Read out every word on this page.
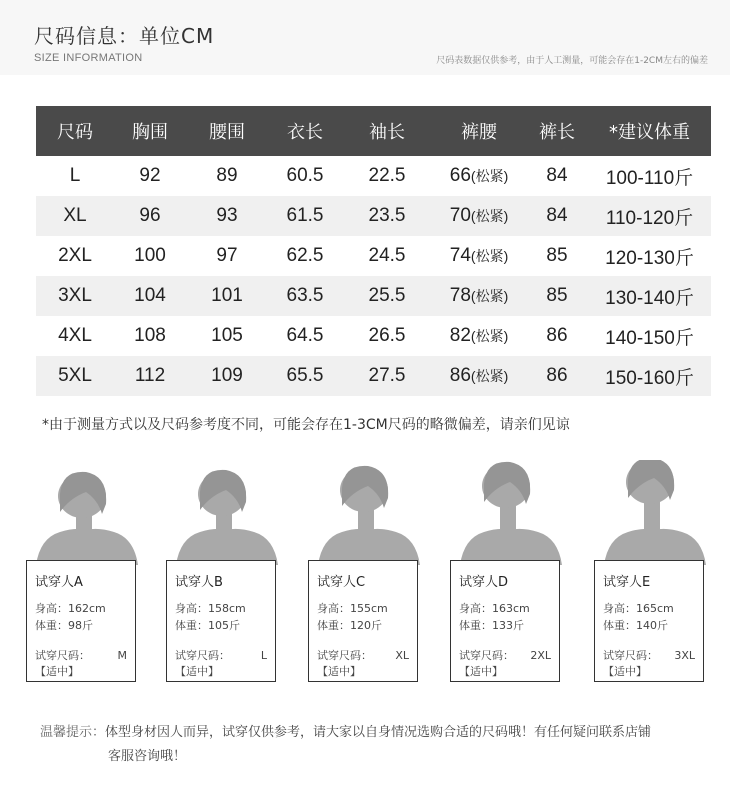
尺码信息：单位CM
SIZE INFORMATION	尺码表数据仅供参考，由于人工测量，可能会存在1-2CM左右的偏差
尺码	胸围	腰围	衣长	袖长	裤腰	裤长	*建议体重
L	92	89	60.5	22.5	66(松紧)	84	100-110斤
XL	96	93	61.5	23.5	70(松紧)	84	110-120斤
2XL	100	97	62.5	24.5	74(松紧)	85	120-130斤
3XL	104	101	63.5	25.5	78(松紧)	85	130-140斤
4XL	108	105	64.5	26.5	82(松紧)	86	140-150斤
5XL	112	109	65.5	27.5	86(松紧)	86	150-160斤
*由于测量方式以及尺码参考度不同，可能会存在1-3CM尺码的略微偏差，请亲们见谅
试穿人A
身高：162cm
体重：98斤
试穿尺码：	M
【适中】
试穿人B
身高：158cm
体重：105斤
试穿尺码：	L
【适中】
试穿人C
身高：155cm
体重：120斤
试穿尺码： XL
【适中】
试穿人D
身高：163cm
体重：133斤
试穿尺码： 2XL
【适中】
试穿人E
身高：165cm
体重：140斤
试穿尺码： 3XL
【适中】
温馨提示：体型身材因人而异，试穿仅供参考，请大家以自身情况选购合适的尺码哦！有任何疑问联系店铺
客服咨询哦！
